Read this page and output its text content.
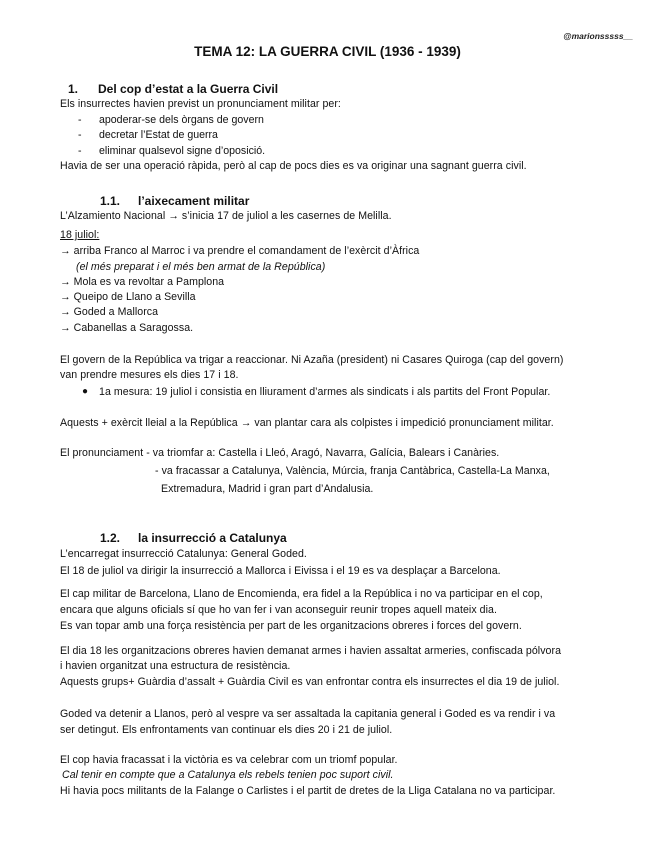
@marionsssss__
TEMA 12: LA GUERRA CIVIL (1936 - 1939)
1. Del cop d’estat a la Guerra Civil
Els insurrectes havien previst un pronunciament militar per:
- apoderar-se dels òrgans de govern
- decretar l’Estat de guerra
- eliminar qualsevol signe d’oposició.
Havia de ser una operació ràpida, però al cap de pocs dies es va originar una sagnant guerra civil.
1.1. l’aixecament militar
L’Alzamiento Nacional → s’inicia 17 de juliol a les casernes de Melilla.
18 juliol:
→ arriba Franco al Marroc i va prendre el comandament de l’exèrcit d’Àfrica
(el més preparat i el més ben armat de la República)
→ Mola es va revoltar a Pamplona
→ Queipo de Llano a Sevilla
→ Goded a Mallorca
→ Cabanellas a Saragossa.
El govern de la República va trigar a reaccionar. Ni Azaña (president) ni Casares Quiroga (cap del govern)
van prendre mesures els dies 17 i 18.
● 1a mesura: 19 juliol i consistia en lliurament d’armes als sindicats i als partits del Front Popular.
Aquests + exèrcit lleial a la República → van plantar cara als colpistes i impedició pronunciament militar.
El pronunciament - va triomfar a: Castella i Lleó, Aragó, Navarra, Galícia, Balears i Canàries.
- va fracassar a Catalunya, València, Múrcia, franja Cantàbrica, Castella-La Manxa,
Extremadura, Madrid i gran part d’Andalusia.
1.2. la insurrecció a Catalunya
L’encarregat insurrecció Catalunya: General Goded.
El 18 de juliol va dirigir la insurrecció a Mallorca i Eivissa i el 19 es va desplaçar a Barcelona.
El cap militar de Barcelona, Llano de Encomienda, era fidel a la República i no va participar en el cop,
encara que alguns oficials sí que ho van fer i van aconseguir reunir tropes aquell mateix dia.
Es van topar amb una força resistència per part de les organitzacions obreres i forces del govern.
El dia 18 les organitzacions obreres havien demanat armes i havien assaltat armeries, confiscada pólvora
i havien organitzat una estructura de resistència.
Aquests grups+ Guàrdia d’assalt + Guàrdia Civil es van enfrontar contra els insurrectes el dia 19 de juliol.
Goded va detenir a Llanos, però al vespre va ser assaltada la capitania general i Goded es va rendir i va
ser detingut. Els enfrontaments van continuar els dies 20 i 21 de juliol.
El cop havia fracassat i la victòria es va celebrar com un triomf popular.
Cal tenir en compte que a Catalunya els rebels tenien poc suport civil.
Hi havia pocs militants de la Falange o Carlistes i el partit de dretes de la Lliga Catalana no va participar.
